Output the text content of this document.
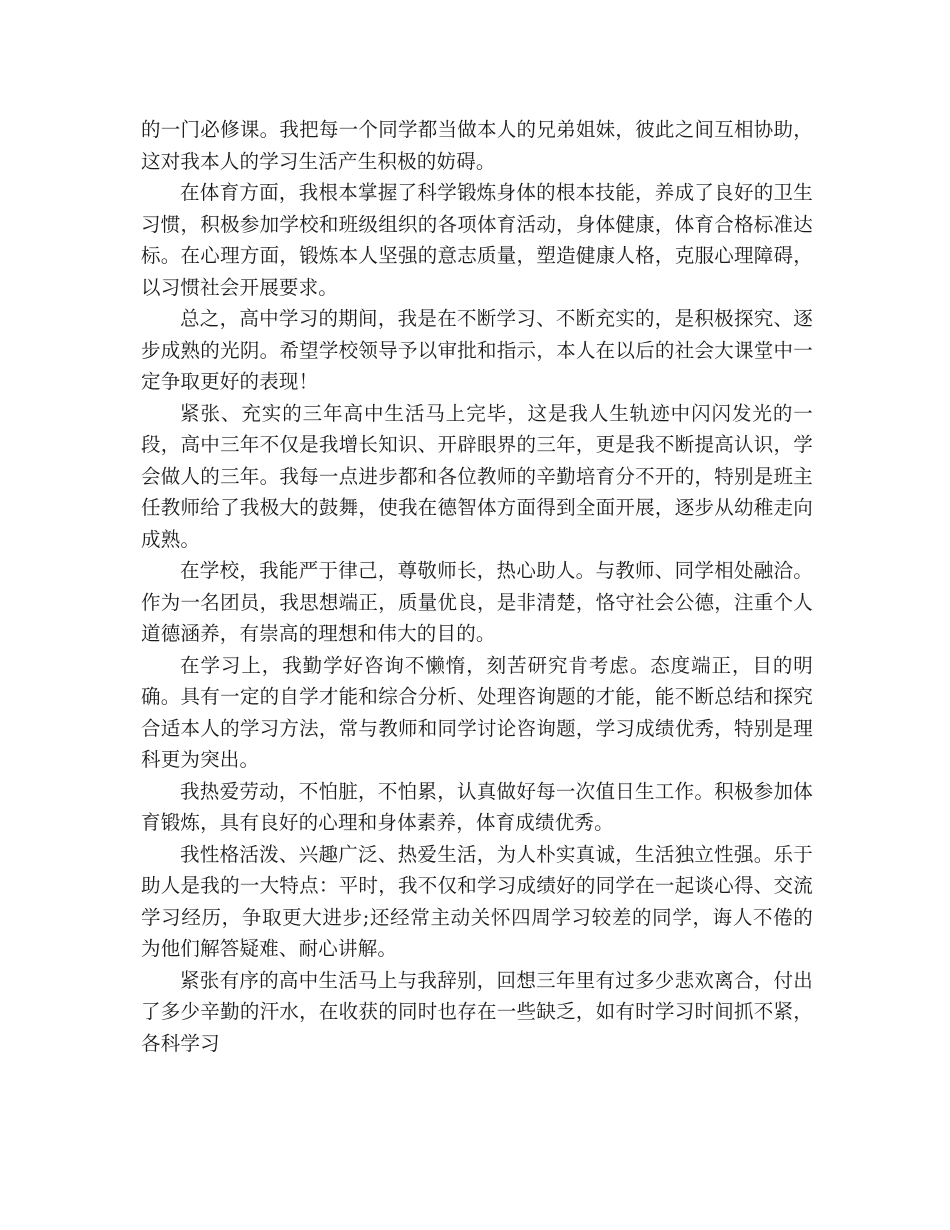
的一门必修课。我把每一个同学都当做本人的兄弟姐妹，彼此之间互相协助，这对我本人的学习生活产生积极的妨碍。

在体育方面，我根本掌握了科学锻炼身体的根本技能，养成了良好的卫生习惯，积极参加学校和班级组织的各项体育活动，身体健康，体育合格标准达标。在心理方面，锻炼本人坚强的意志质量，塑造健康人格，克服心理障碍，以习惯社会开展要求。

总之，高中学习的期间，我是在不断学习、不断充实的，是积极探究、逐步成熟的光阴。希望学校领导予以审批和指示，本人在以后的社会大课堂中一定争取更好的表现！

紧张、充实的三年高中生活马上完毕，这是我人生轨迹中闪闪发光的一段，高中三年不仅是我增长知识、开辟眼界的三年，更是我不断提高认识，学会做人的三年。我每一点进步都和各位教师的辛勤培育分不开的，特别是班主任教师给了我极大的鼓舞，使我在德智体方面得到全面开展，逐步从幼稚走向成熟。

在学校，我能严于律己，尊敬师长，热心助人。与教师、同学相处融洽。作为一名团员，我思想端正，质量优良，是非清楚，恪守社会公德，注重个人道德涵养，有崇高的理想和伟大的目的。

在学习上，我勤学好咨询不懒惰，刻苦研究肯考虑。态度端正，目的明确。具有一定的自学才能和综合分析、处理咨询题的才能，能不断总结和探究合适本人的学习方法，常与教师和同学讨论咨询题，学习成绩优秀，特别是理科更为突出。

我热爱劳动，不怕脏，不怕累，认真做好每一次值日生工作。积极参加体育锻炼，具有良好的心理和身体素养，体育成绩优秀。

我性格活泼、兴趣广泛、热爱生活，为人朴实真诚，生活独立性强。乐于助人是我的一大特点：平时，我不仅和学习成绩好的同学在一起谈心得、交流学习经历，争取更大进步;还经常主动关怀四周学习较差的同学，诲人不倦的为他们解答疑难、耐心讲解。

紧张有序的高中生活马上与我辞别，回想三年里有过多少悲欢离合，付出了多少辛勤的汗水，在收获的同时也存在一些缺乏，如有时学习时间抓不紧，各科学习
